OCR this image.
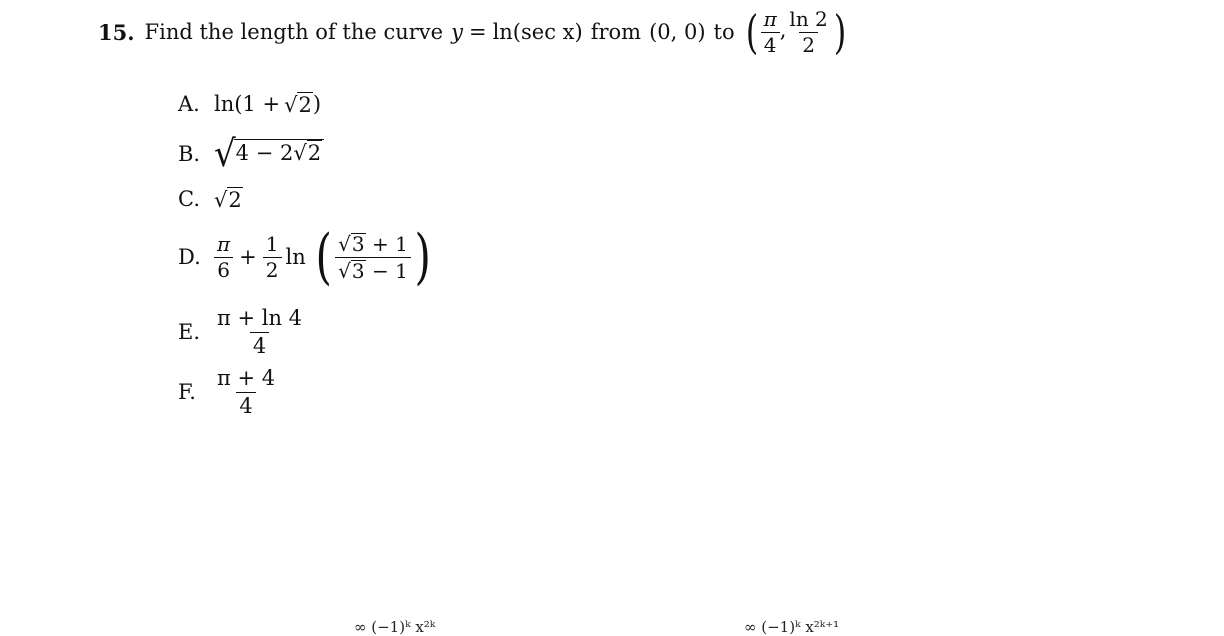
15. Find the length of the curve y = ln(sec x) from (0, 0) to ( $\frac{\pi}{4}$ , $\frac{\ln 2}{2}$ )
A. ln(1 + √2 )
B. √ 4 − 2 √2
C. √2
D. $\frac{\pi}{6} + \frac{1}{2}$ ln ( $\frac{√3 + 1}{√3 - 1}$ )
E. $\frac{\pi + \ln 4}{4}$
F. $\frac{\pi + 4}{4}$
∞ (−1)ᵏ x²ᵏ	∞ (−1)ᵏ x²ᵏ⁺¹
